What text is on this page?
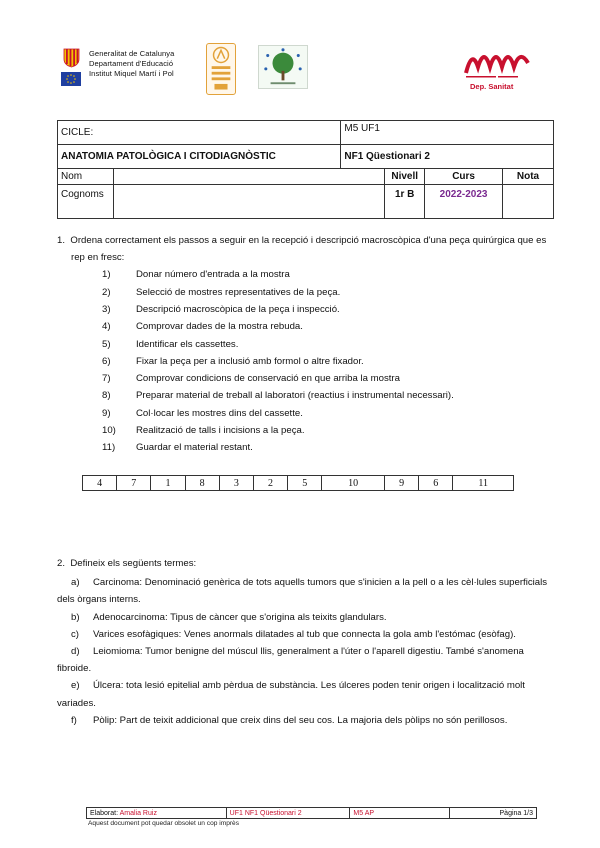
Generalitat de Catalunya
Departament d'Educació
Institut Miquel Martí i Pol
Dep. Sanitat
CICLE:		M5 UF1			
ANATOMIA PATOLÒGICA I CITODIAGNÒSTIC		NF1 Qüestionari 2			
Nom			Nivell	Curs	Nota
Cognoms			1r B	2022-2023	
1. Ordena correctament els passos a seguir en la recepció i descripció macroscòpica d'una peça quirúrgica que es rep en fresc:
1)	Donar número d'entrada a la mostra
2)	Selecció de mostres representatives de la peça.
3)	Descripció macroscòpica de la peça i inspecció.
4)	Comprovar dades de la mostra rebuda.
5)	Identificar els cassettes.
6)	Fixar la peça per a inclusió amb formol o altre fixador.
7)	Comprovar condicions de conservació en que arriba la mostra
8)	Preparar material de treball al laboratori (reactius i instrumental necessari).
9)	Col·locar les mostres dins del cassette.
10) Realització de talls i incisions a la peça.
11) Guardar el material restant.
4	7	1	8	3	2	5	10	9	6	11
2. Defineix els següents termes:
a) Carcinoma: Denominació genèrica de tots aquells tumors que s'inicien a la pell o a les cèl·lules superficials dels òrgans interns.
b) Adenocarcinoma: Tipus de càncer que s'origina als teixits glandulars.
c) Varices esofàgiques: Venes anormals dilatades al tub que connecta la gola amb l'estómac (esòfag).
d) Leiomioma: Tumor benigne del múscul llis, generalment a l'úter o l'aparell digestiu. També s'anomena fibroide.
e) Úlcera: tota lesió epitelial amb pèrdua de substància. Les úlceres poden tenir origen i localització molt variades.
f) Pòlip: Part de teixit addicional que creix dins del seu cos. La majoria dels pòlips no són perillosos.
Elaborat: Amalia Ruiz	UF1 NF1 Qüestionari 2	M5 AP	Pàgina 1/3
Aquest document pot quedar obsolet un cop imprès
